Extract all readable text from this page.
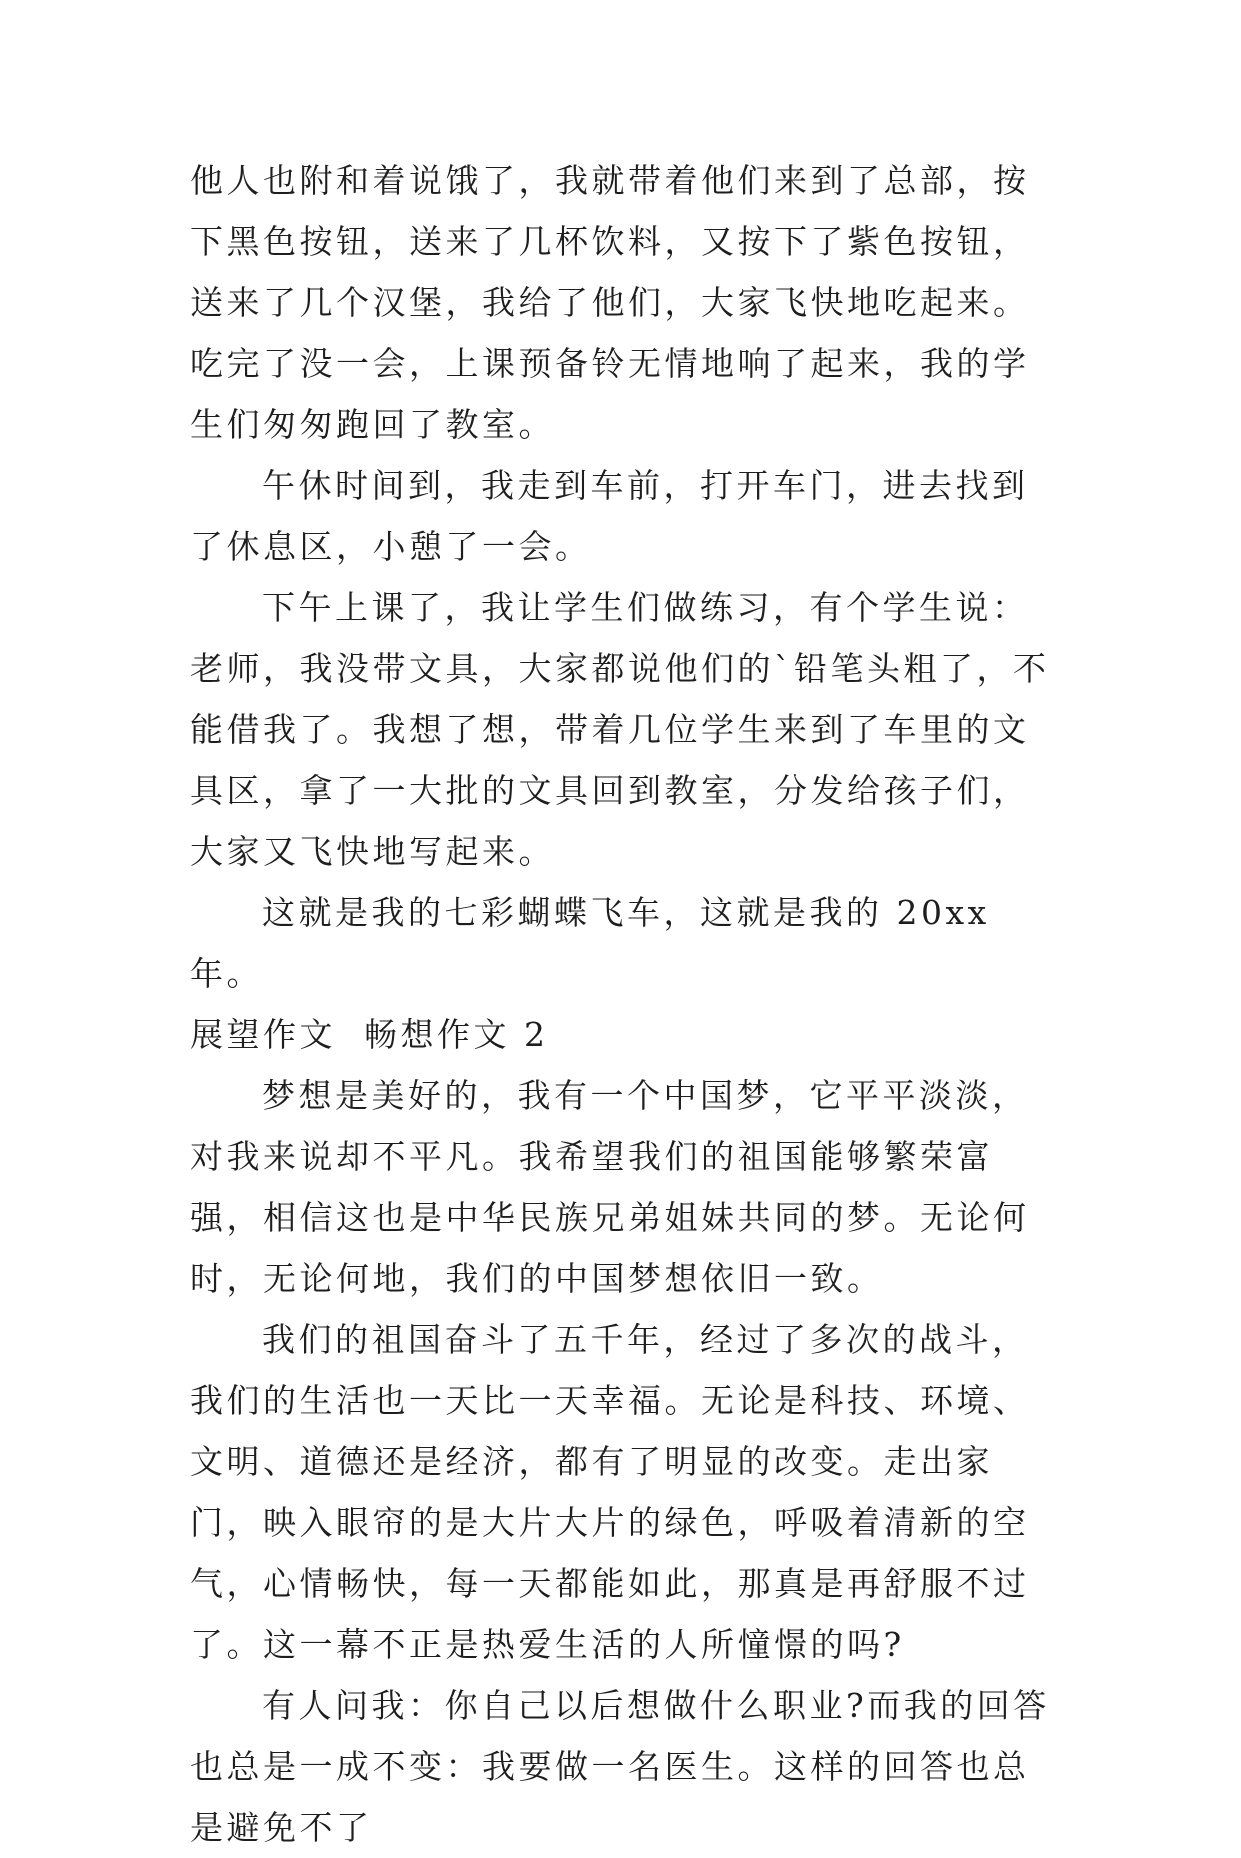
他人也附和着说饿了，我就带着他们来到了总部，按下黑色按钮，送来了几杯饮料，又按下了紫色按钮，送来了几个汉堡，我给了他们，大家飞快地吃起来。吃完了没一会，上课预备铃无情地响了起来，我的学生们匆匆跑回了教室。

午休时间到，我走到车前，打开车门，进去找到了休息区，小憩了一会。

下午上课了，我让学生们做练习，有个学生说：老师，我没带文具，大家都说他们的`铅笔头粗了，不能借我了。我想了想，带着几位学生来到了车里的文具区，拿了一大批的文具回到教室，分发给孩子们，大家又飞快地写起来。

这就是我的七彩蝴蝶飞车，这就是我的 20xx 年。

展望作文  畅想作文 2

梦想是美好的，我有一个中国梦，它平平淡淡，对我来说却不平凡。我希望我们的祖国能够繁荣富强，相信这也是中华民族兄弟姐妹共同的梦。无论何时，无论何地，我们的中国梦想依旧一致。

我们的祖国奋斗了五千年，经过了多次的战斗，我们的生活也一天比一天幸福。无论是科技、环境、文明、道德还是经济，都有了明显的改变。走出家门，映入眼帘的是大片大片的绿色，呼吸着清新的空气，心情畅快，每一天都能如此，那真是再舒服不过了。这一幕不正是热爱生活的人所憧憬的吗?

有人问我：你自己以后想做什么职业?而我的回答也总是一成不变：我要做一名医生。这样的回答也总是避免不了
